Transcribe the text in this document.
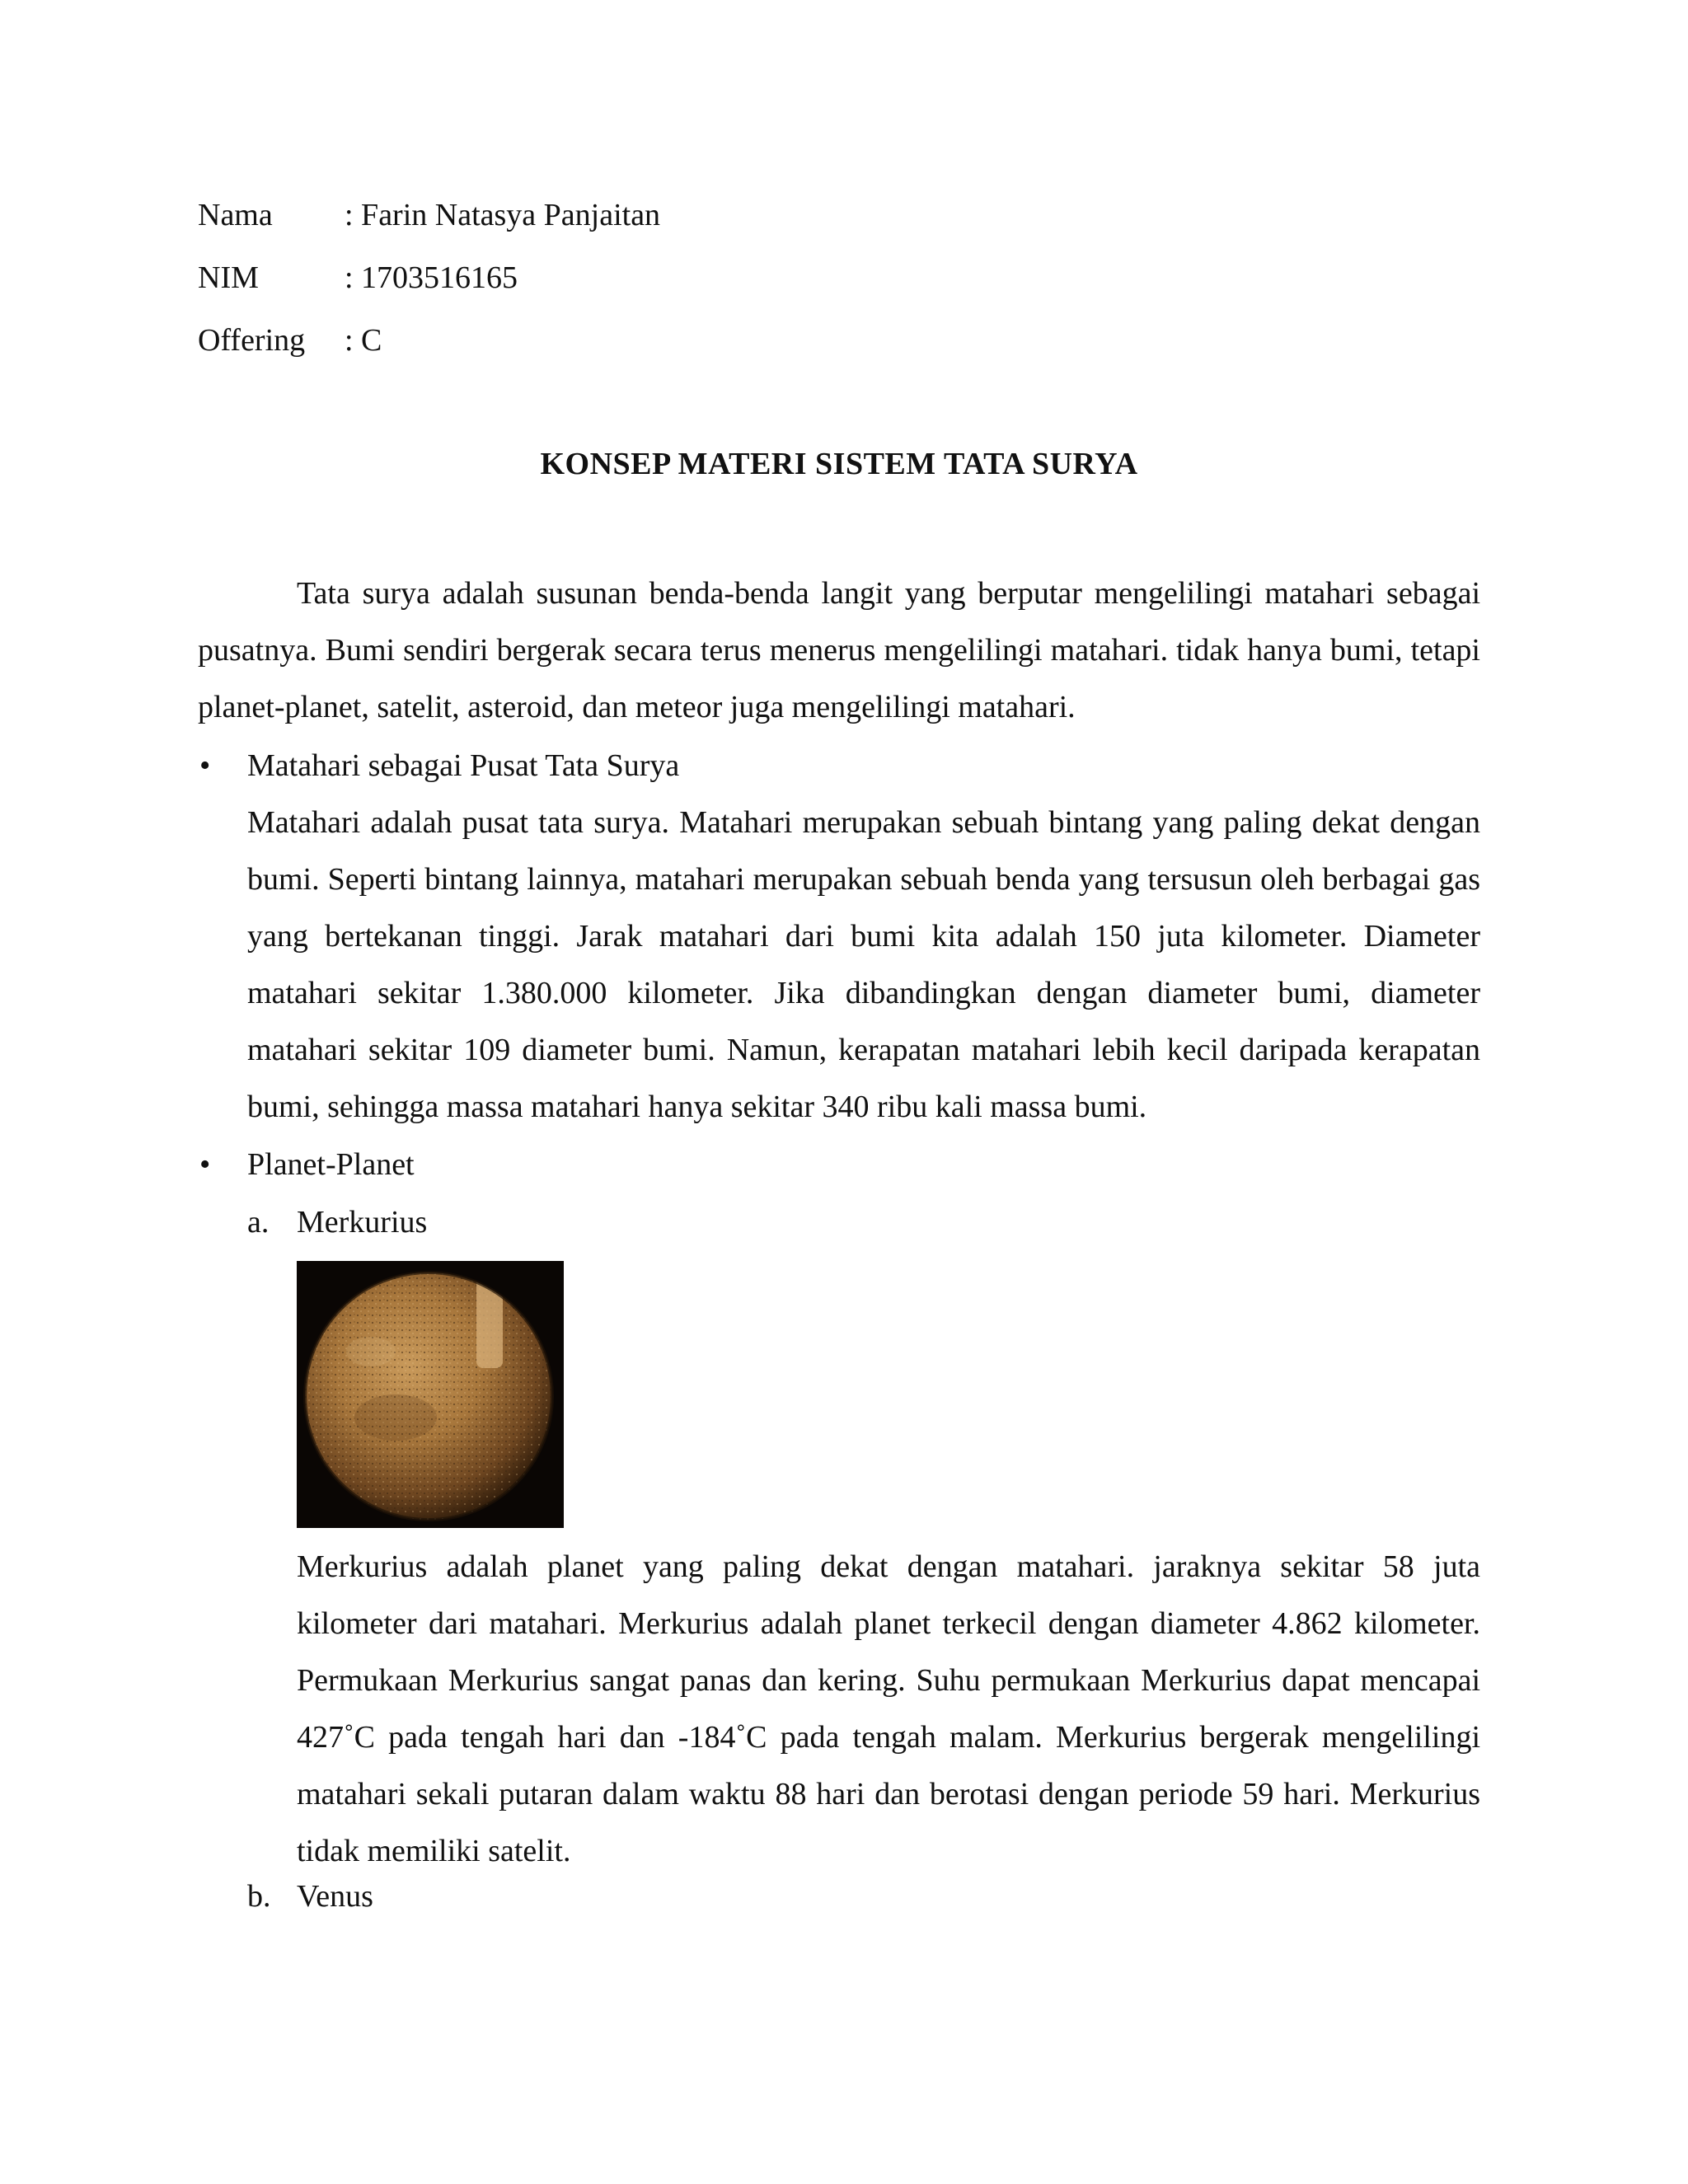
Nama : Farin Natasya Panjaitan
NIM	: 1703516165
Offering : C
KONSEP MATERI SISTEM TATA SURYA

Tata surya adalah susunan benda-benda langit yang berputar mengelilingi matahari sebagai pusatnya. Bumi sendiri bergerak secara terus menerus mengelilingi matahari. tidak hanya bumi, tetapi planet-planet, satelit, asteroid, dan meteor juga mengelilingi matahari.

• Matahari sebagai Pusat Tata Surya

Matahari adalah pusat tata surya. Matahari merupakan sebuah bintang yang paling dekat dengan bumi. Seperti bintang lainnya, matahari merupakan sebuah benda yang tersusun oleh berbagai gas yang bertekanan tinggi. Jarak matahari dari bumi kita adalah 150 juta kilometer. Diameter matahari sekitar 1.380.000 kilometer. Jika dibandingkan dengan diameter bumi, diameter matahari sekitar 109 diameter bumi. Namun, kerapatan matahari lebih kecil daripada kerapatan bumi, sehingga massa matahari hanya sekitar 340 ribu kali massa bumi.

• Planet-Planet
a. Merkurius

Merkurius adalah planet yang paling dekat dengan matahari. jaraknya sekitar 58 juta kilometer dari matahari. Merkurius adalah planet terkecil dengan diameter 4.862 kilometer. Permukaan Merkurius sangat panas dan kering. Suhu permukaan Merkurius dapat mencapai 427˚C pada tengah hari dan -184˚C pada tengah malam. Merkurius bergerak mengelilingi matahari sekali putaran dalam waktu 88 hari dan berotasi dengan periode 59 hari. Merkurius tidak memiliki satelit.

b. Venus
